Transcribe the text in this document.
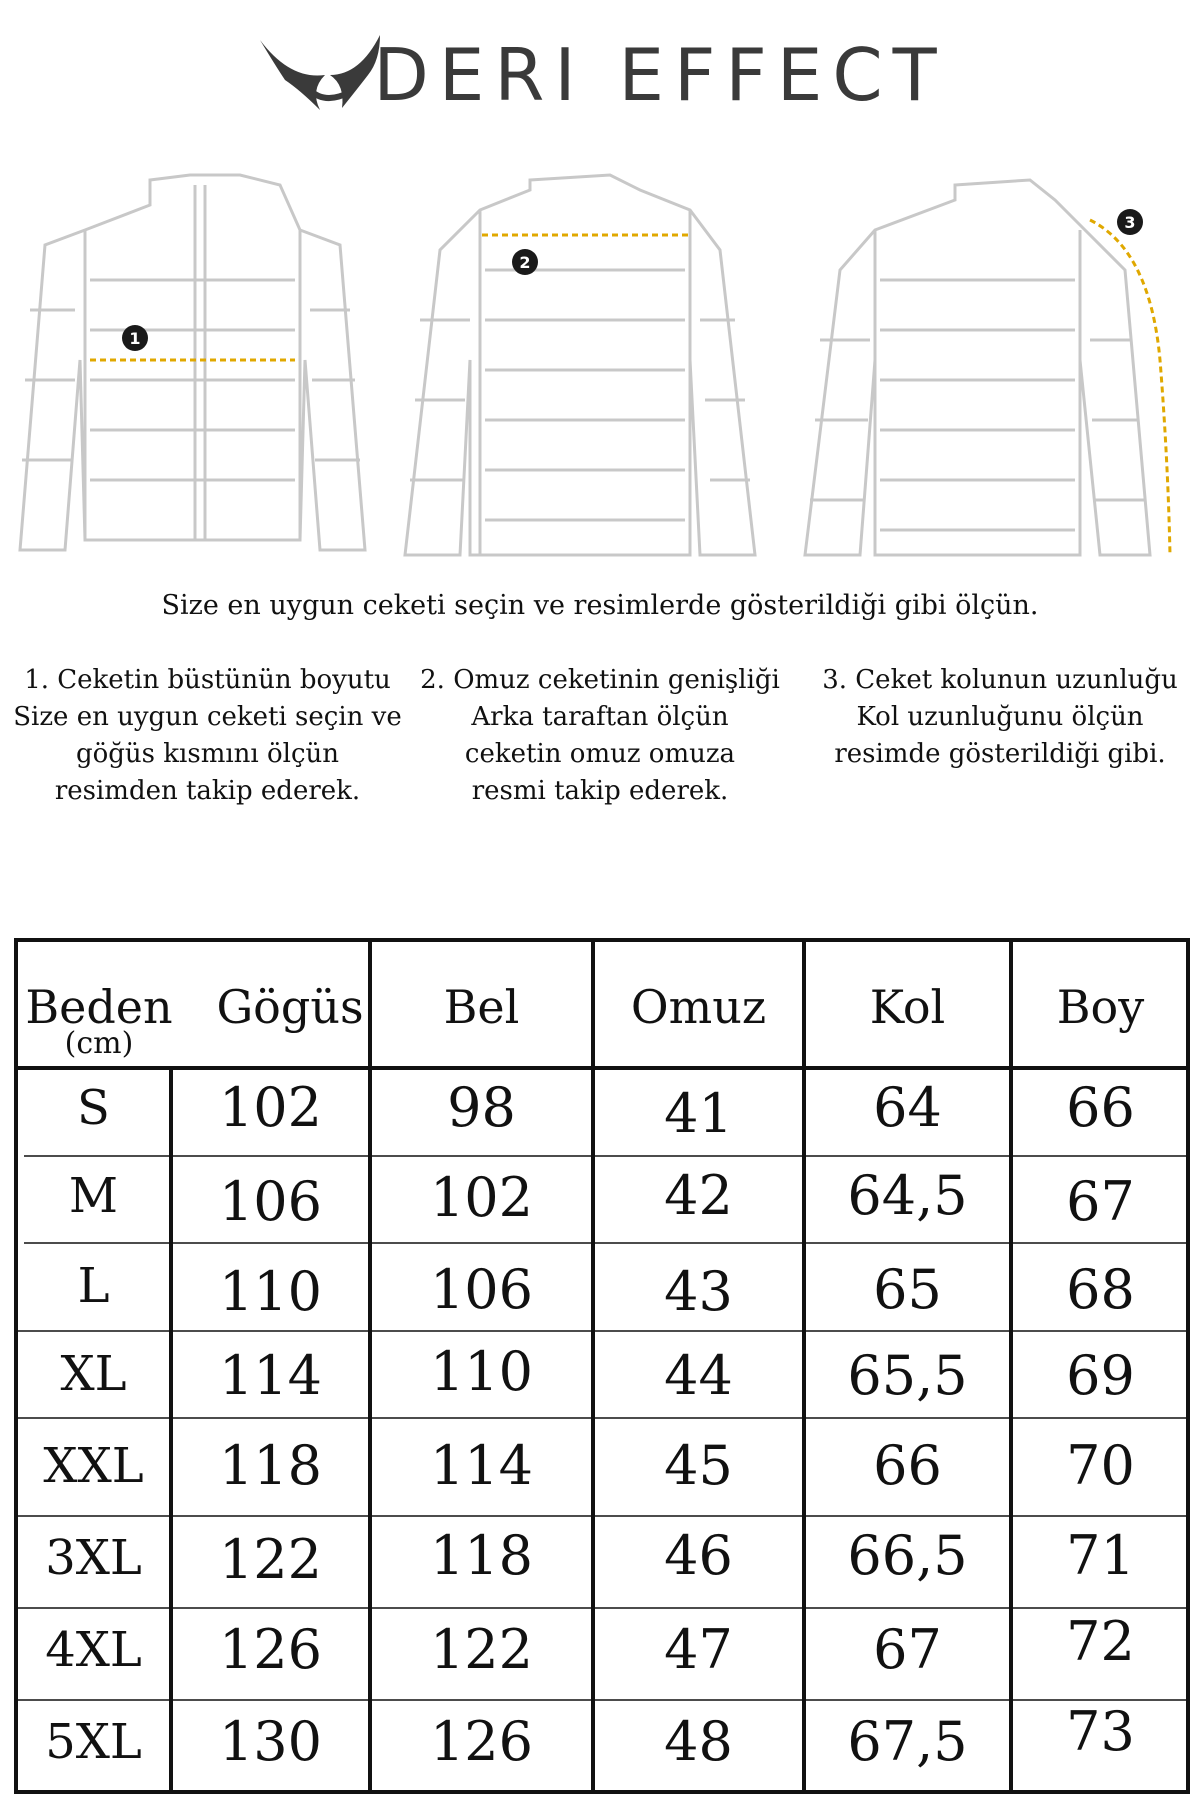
DERI EFFECT
1
2
3
Size en uygun ceketi seçin ve resimlerde gösterildiği gibi ölçün.
1. Ceketin büstünün boyutu
Size en uygun ceketi seçin ve
göğüs kısmını ölçün
resimden takip ederek.
2. Omuz ceketinin genişliği
Arka taraftan ölçün
ceketin omuz omuza
resmi takip ederek.
3. Ceket kolunun uzunluğu
Kol uzunluğunu ölçün
resimde gösterildiği gibi.
Beden
(cm)
Gögüs	Bel	Omuz	Kol	Boy
S	102	98	41	64	66
M	106	102	42	64,5	67
L	110	106	43	65	68
XL	114	110	44	65,5	69
XXL	118	114	45	66	70
3XL	122	118	46	66,5	71
4XL	126	122	47	67	72
5XL	130	126	48	67,5	73
